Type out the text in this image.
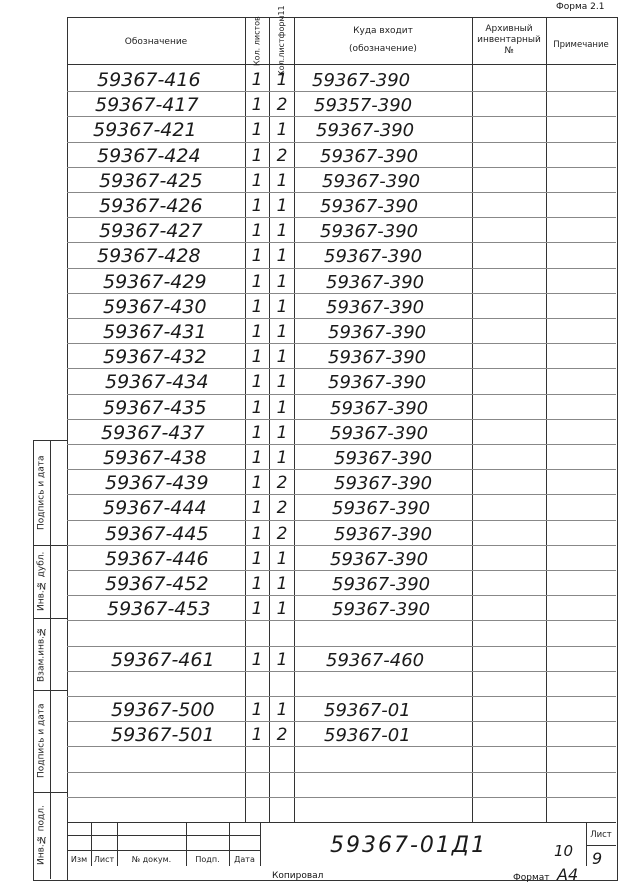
Форма 2.1
Обозначение	Кол. листов	Кол.листформ11	Куда входит
(обозначение)
Архивный инвентарный №
Примечание
59367-416	1 1	59367-390
59367-417	1 2	59357-390
59367-421	1 1	59367-390
59367-424	1 2	59367-390
59367-425	1 1	59367-390
59367-426	1 1	59367-390
59367-427	1 1	59367-390
59367-428	1 1	59367-390
59367-429	1 1	59367-390
59367-430	1 1	59367-390
59367-431	1 1	59367-390
59367-432	1 1	59367-390
59367-434	1 1	59367-390
59367-435	1 1	59367-390
59367-437	1 1	59367-390
59367-438	1 1	59367-390
59367-439	1 2	59367-390
59367-444	1 2	59367-390
59367-445	1 2	59367-390
59367-446	1 1	59367-390
59367-452	1 1	59367-390
59367-453	1 1	59367-390
59367-461	1 1	59367-460
59367-500	1 1	59367-01
59367-501	1 2	59367-01
Подпись и дата
Инв.№ дубл.
Взам.инв.№
Подпись и дата
Инв.№ подл.	Изм Лист	№ докум.	Подп.	Дата
59367-01Д1	10
Лист
9
Копировал	Формат А4
